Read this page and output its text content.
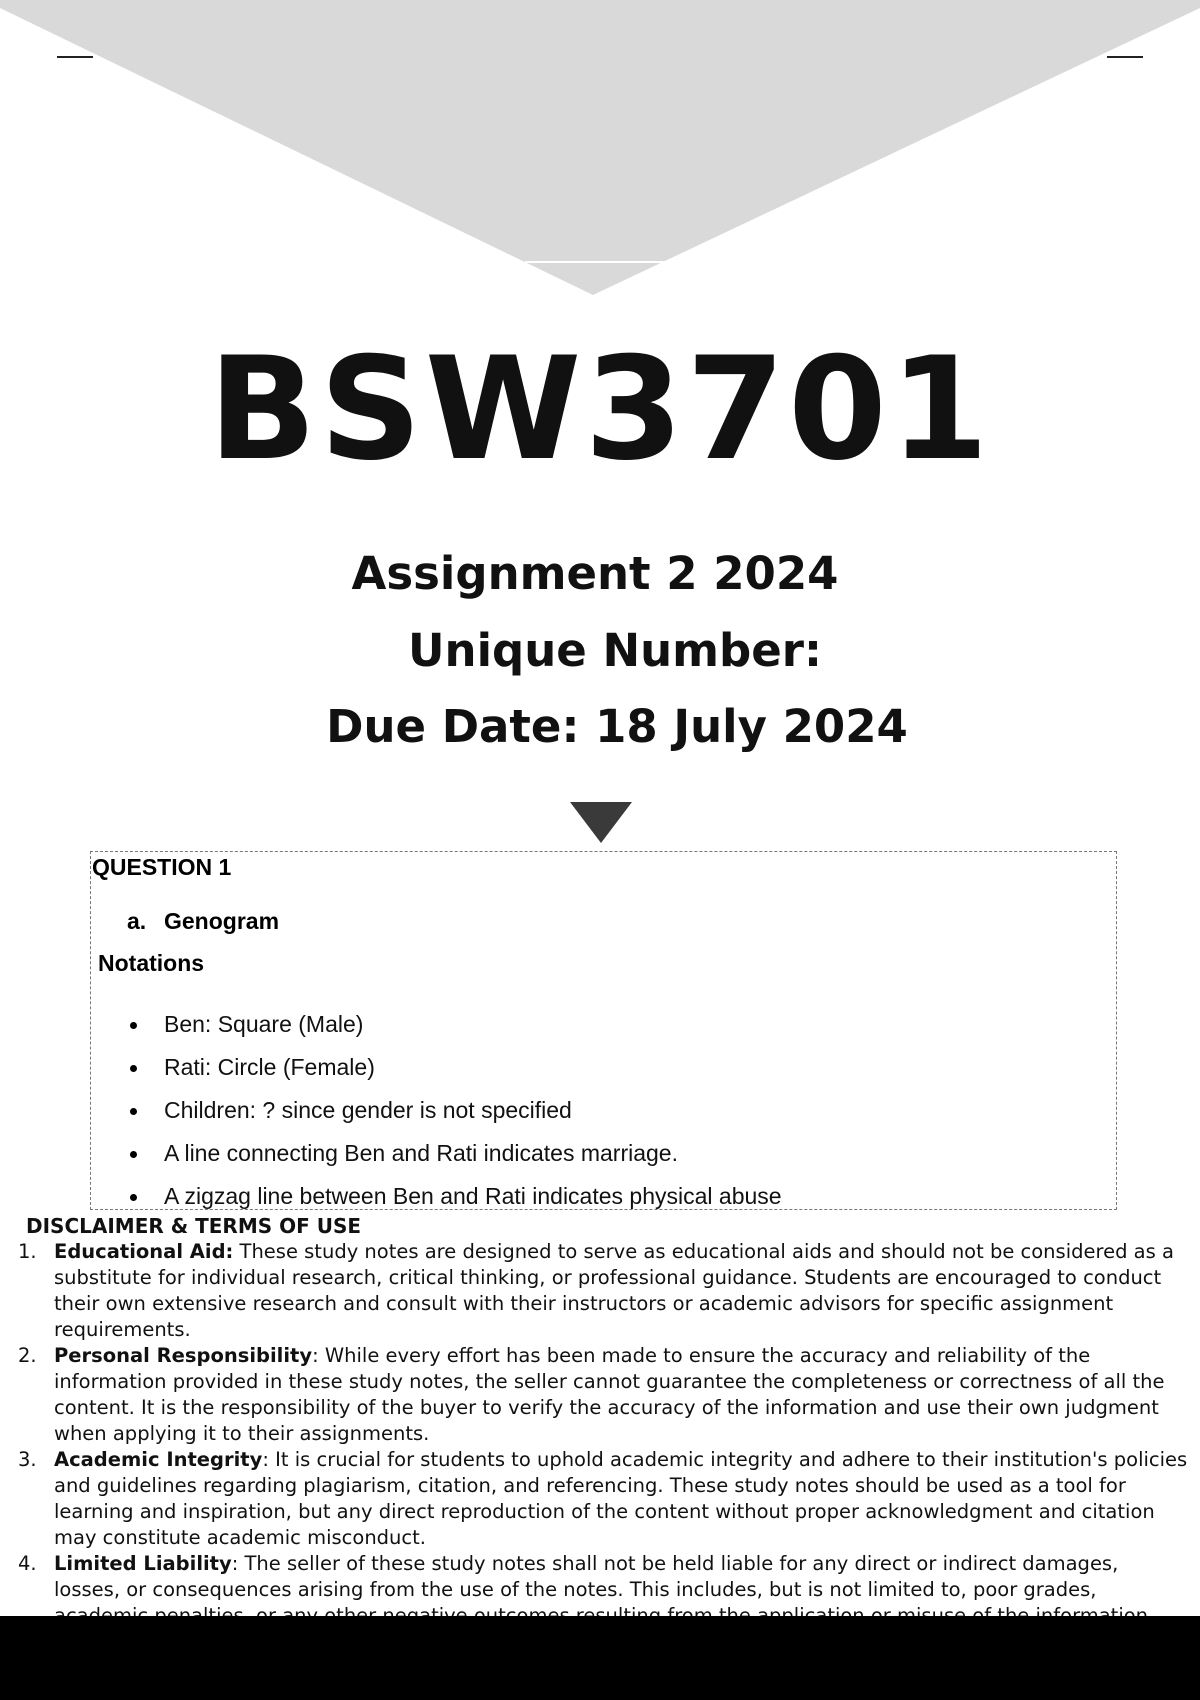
BSW3701
Assignment 2 2024
Unique Number:
Due Date: 18 July 2024
QUESTION 1
a. Genogram
Notations
Ben: Square (Male)
Rati: Circle (Female)
Children: ? since gender is not specified
A line connecting Ben and Rati indicates marriage.
A zigzag line between Ben and Rati indicates physical abuse
DISCLAIMER & TERMS OF USE
1. Educational Aid: These study notes are designed to serve as educational aids and should not be considered as a substitute for individual research, critical thinking, or professional guidance. Students are encouraged to conduct their own extensive research and consult with their instructors or academic advisors for specific assignment requirements.
2. Personal Responsibility: While every effort has been made to ensure the accuracy and reliability of the information provided in these study notes, the seller cannot guarantee the completeness or correctness of all the content. It is the responsibility of the buyer to verify the accuracy of the information and use their own judgment when applying it to their assignments.
3. Academic Integrity: It is crucial for students to uphold academic integrity and adhere to their institution's policies and guidelines regarding plagiarism, citation, and referencing. These study notes should be used as a tool for learning and inspiration, but any direct reproduction of the content without proper acknowledgment and citation may constitute academic misconduct.
4. Limited Liability: The seller of these study notes shall not be held liable for any direct or indirect damages, losses, or consequences arising from the use of the notes. This includes, but is not limited to, poor grades,
